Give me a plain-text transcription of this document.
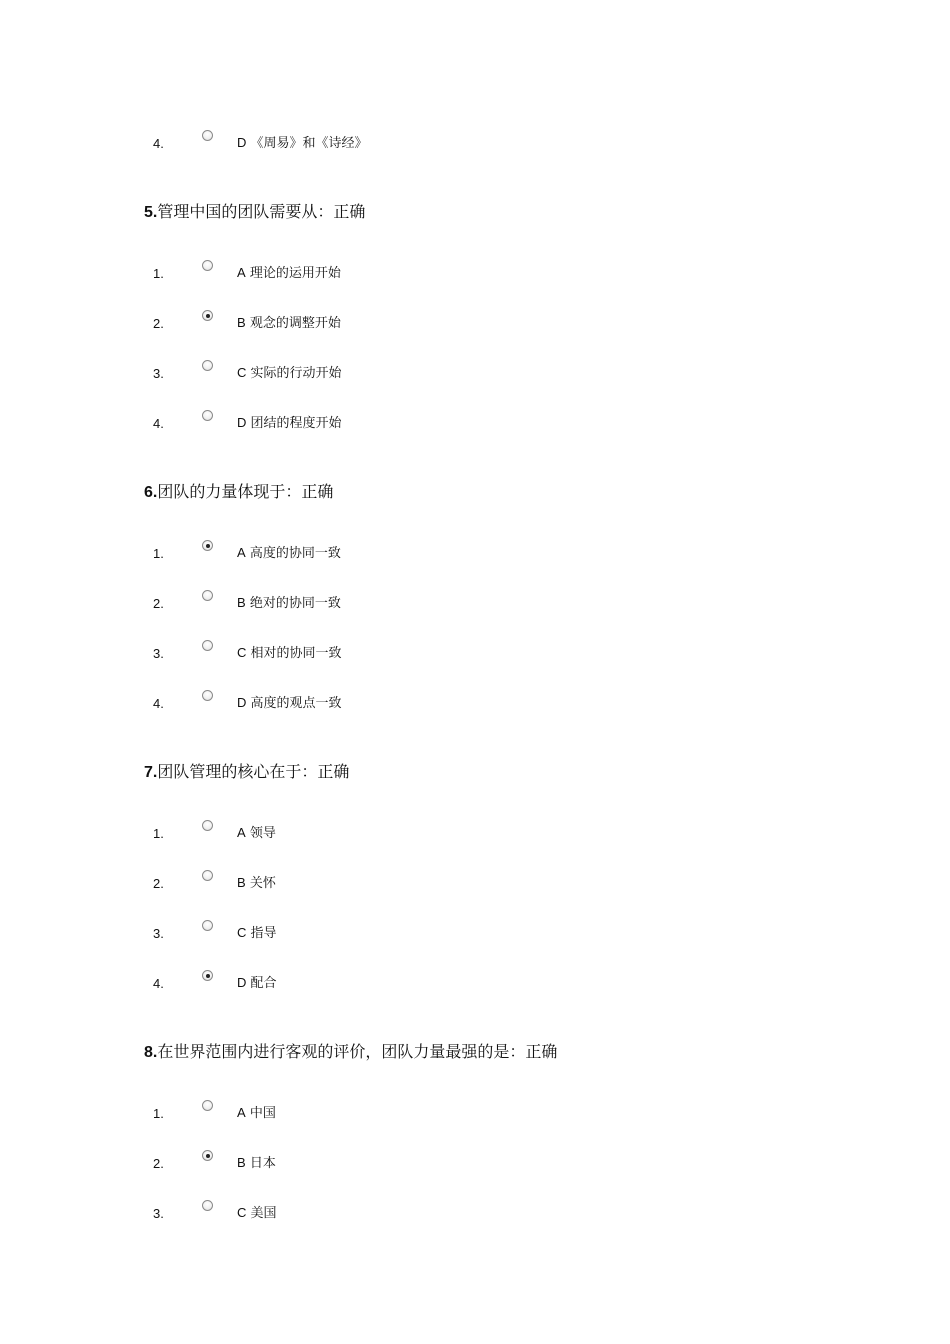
4.	D 《周易》和《诗经》
5.管理中国的团队需要从：正确
1.	A 理论的运用开始
2.	B 观念的调整开始
3.	C 实际的行动开始
4.	D 团结的程度开始
6.团队的力量体现于：正确
1.	A 高度的协同一致
2.	B 绝对的协同一致
3.	C 相对的协同一致
4.	D 高度的观点一致
7.团队管理的核心在于：正确
1.	A 领导
2.	B 关怀
3.	C 指导
4.	D 配合
8.在世界范围内进行客观的评价，团队力量最强的是：正确
1.	A 中国
2.	B 日本
3.	C 美国
